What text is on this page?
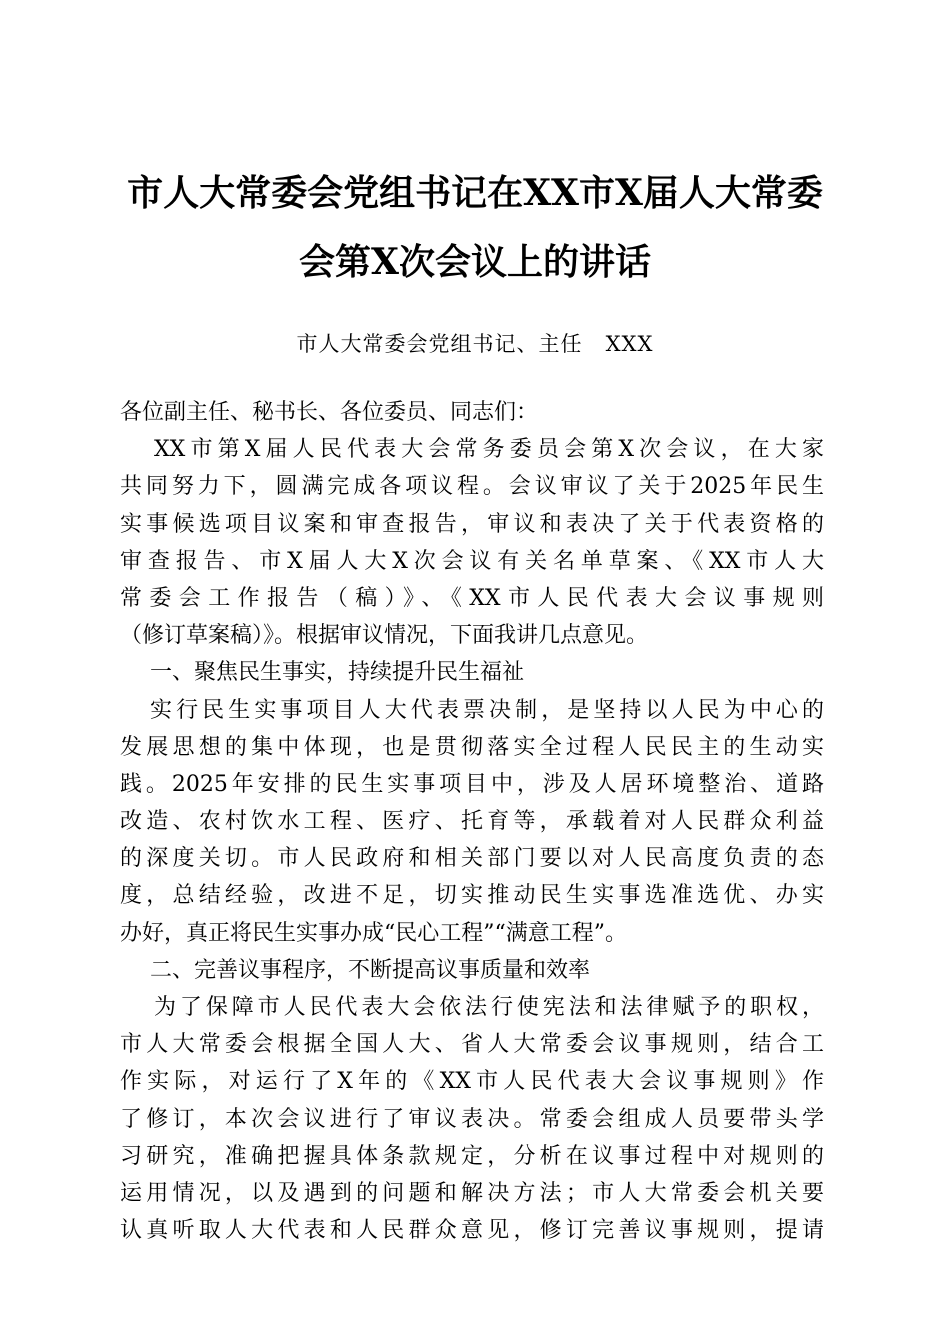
市人大常委会党组书记在XX市X届人大常委
会第X次会议上的讲话
市人大常委会党组书记、主任   XXX
各位副主任、秘书长、各位委员、同志们：
XX市第X届人民代表大会常务委员会第X次会议，在大家
共同努力下，圆满完成各项议程。会议审议了关于2025年民生
实事候选项目议案和审查报告，审议和表决了关于代表资格的
审查报告、市X届人大X次会议有关名单草案、《XX市人大
常委会工作报告（稿）》、《XX市人民代表大会议事规则
（修订草案稿）》。根据审议情况，下面我讲几点意见。
一、聚焦民生事实，持续提升民生福祉
实行民生实事项目人大代表票决制，是坚持以人民为中心的
发展思想的集中体现，也是贯彻落实全过程人民民主的生动实
践。2025年安排的民生实事项目中，涉及人居环境整治、道路
改造、农村饮水工程、医疗、托育等，承载着对人民群众利益
的深度关切。市人民政府和相关部门要以对人民高度负责的态
度，总结经验，改进不足，切实推动民生实事选准选优、办实
办好，真正将民生实事办成“民心工程”“满意工程”。
二、完善议事程序，不断提高议事质量和效率
为了保障市人民代表大会依法行使宪法和法律赋予的职权，
市人大常委会根据全国人大、省人大常委会议事规则，结合工
作实际，对运行了X年的《XX市人民代表大会议事规则》作
了修订，本次会议进行了审议表决。常委会组成人员要带头学
习研究，准确把握具体条款规定，分析在议事过程中对规则的
运用情况，以及遇到的问题和解决方法；市人大常委会机关要
认真听取人大代表和人民群众意见，修订完善议事规则，提请
